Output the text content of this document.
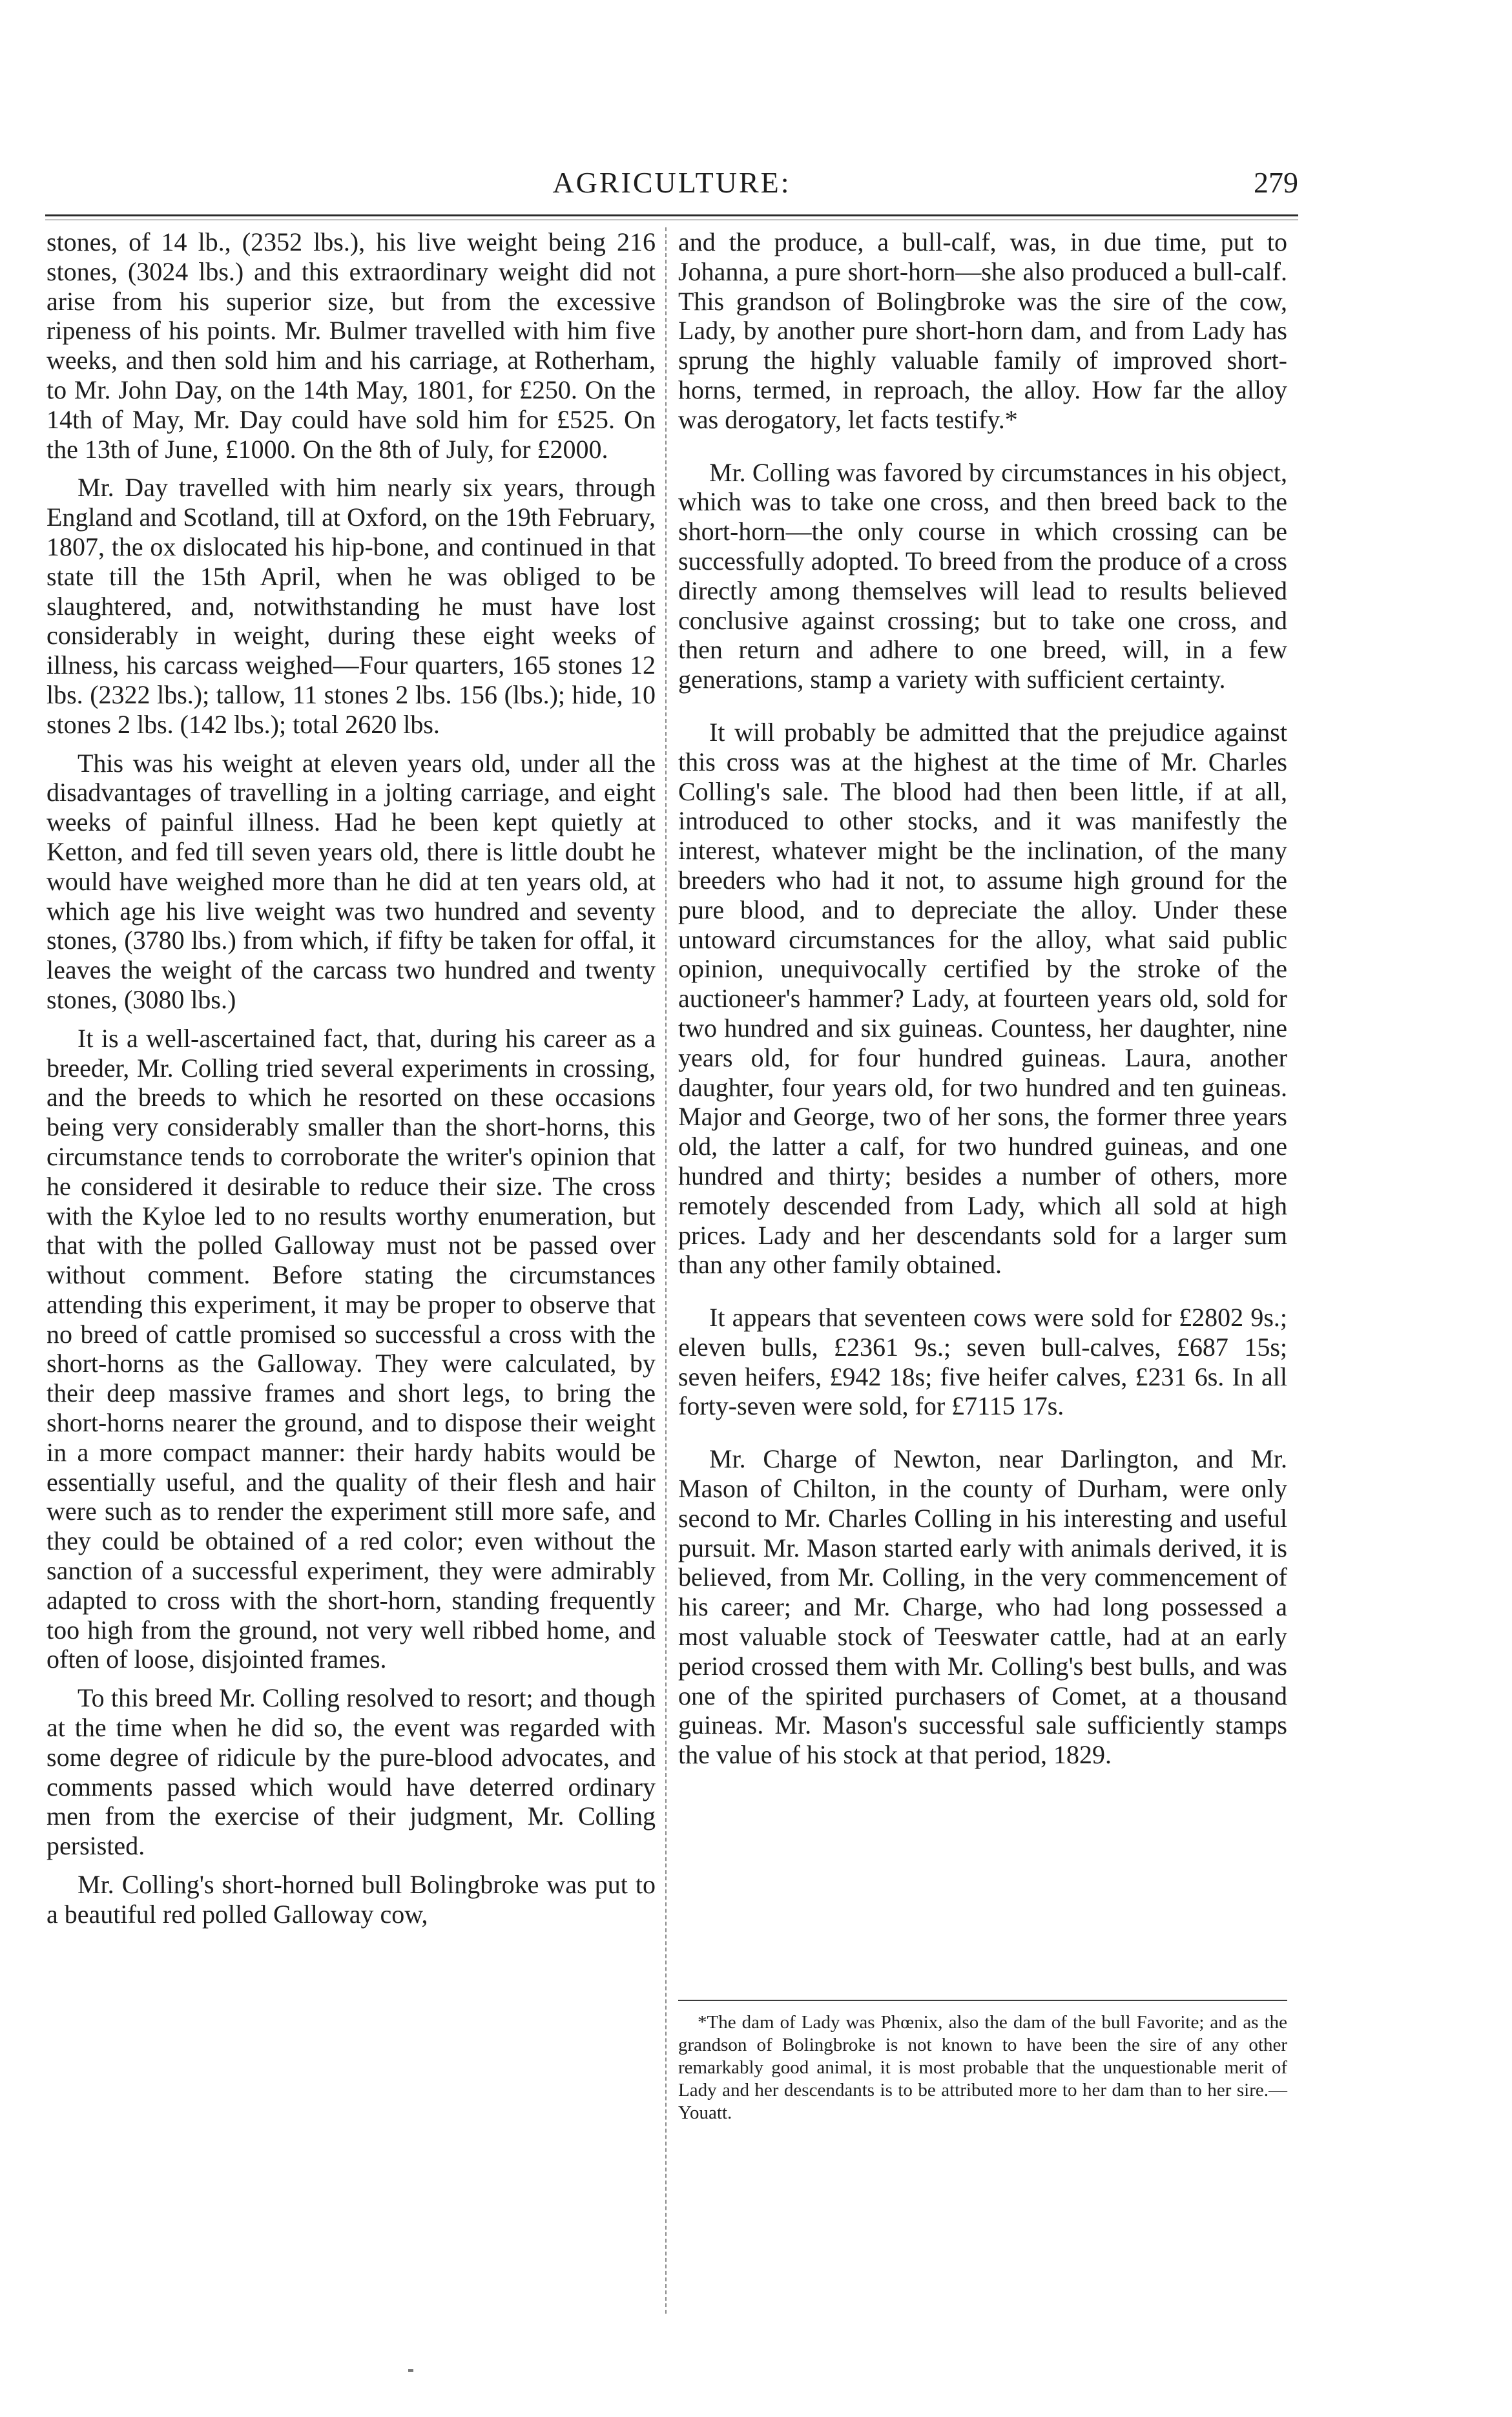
AGRICULTURE:	279

stones, of 14 lb., (2352 lbs.), his live weight being 216 stones, (3024 lbs.) and this extraordinary weight did not arise from his superior size, but from the excessive ripeness of his points. Mr. Bulmer travelled with him five weeks, and then sold him and his carriage, at Rotherham, to Mr. John Day, on the 14th May, 1801, for £250. On the 14th of May, Mr. Day could have sold him for £525. On the 13th of June, £1000. On the 8th of July, for £2000.

Mr. Day travelled with him nearly six years, through England and Scotland, till at Oxford, on the 19th February, 1807, the ox dislocated his hip-bone, and continued in that state till the 15th April, when he was obliged to be slaughtered, and, notwithstanding he must have lost considerably in weight, during these eight weeks of illness, his carcass weighed—Four quarters, 165 stones 12 lbs. (2322 lbs.); tallow, 11 stones 2 lbs. 156 (lbs.); hide, 10 stones 2 lbs. (142 lbs.); total 2620 lbs.

This was his weight at eleven years old, under all the disadvantages of travelling in a jolting carriage, and eight weeks of painful illness. Had he been kept quietly at Ketton, and fed till seven years old, there is little doubt he would have weighed more than he did at ten years old, at which age his live weight was two hundred and seventy stones, (3780 lbs.) from which, if fifty be taken for offal, it leaves the weight of the carcass two hundred and twenty stones, (3080 lbs.)

It is a well-ascertained fact, that, during his career as a breeder, Mr. Colling tried several experiments in crossing, and the breeds to which he resorted on these occasions being very considerably smaller than the short-horns, this circumstance tends to corroborate the writer's opinion that he considered it desirable to reduce their size. The cross with the Kyloe led to no results worthy enumeration, but that with the polled Galloway must not be passed over without comment. Before stating the circumstances attending this experiment, it may be proper to observe that no breed of cattle promised so successful a cross with the short-horns as the Galloway. They were calculated, by their deep massive frames and short legs, to bring the short-horns nearer the ground, and to dispose their weight in a more compact manner: their hardy habits would be essentially useful, and the quality of their flesh and hair were such as to render the experiment still more safe, and they could be obtained of a red color; even without the sanction of a successful experiment, they were admirably adapted to cross with the short-horn, standing frequently too high from the ground, not very well ribbed home, and often of loose, disjointed frames.

To this breed Mr. Colling resolved to resort; and though at the time when he did so, the event was regarded with some degree of ridicule by the pure-blood advocates, and comments passed which would have deterred ordinary men from the exercise of their judgment, Mr. Colling persisted.

Mr. Colling's short-horned bull Bolingbroke was put to a beautiful red polled Galloway cow,

and the produce, a bull-calf, was, in due time, put to Johanna, a pure short-horn—she also produced a bull-calf. This grandson of Bolingbroke was the sire of the cow, Lady, by another pure short-horn dam, and from Lady has sprung the highly valuable family of improved short-horns, termed, in reproach, the alloy. How far the alloy was derogatory, let facts testify.*

Mr. Colling was favored by circumstances in his object, which was to take one cross, and then breed back to the short-horn—the only course in which crossing can be successfully adopted. To breed from the produce of a cross directly among themselves will lead to results believed conclusive against crossing; but to take one cross, and then return and adhere to one breed, will, in a few generations, stamp a variety with sufficient certainty.

It will probably be admitted that the prejudice against this cross was at the highest at the time of Mr. Charles Colling's sale. The blood had then been little, if at all, introduced to other stocks, and it was manifestly the interest, whatever might be the inclination, of the many breeders who had it not, to assume high ground for the pure blood, and to depreciate the alloy. Under these untoward circumstances for the alloy, what said public opinion, unequivocally certified by the stroke of the auctioneer's hammer? Lady, at fourteen years old, sold for two hundred and six guineas. Countess, her daughter, nine years old, for four hundred guineas. Laura, another daughter, four years old, for two hundred and ten guineas. Major and George, two of her sons, the former three years old, the latter a calf, for two hundred guineas, and one hundred and thirty; besides a number of others, more remotely descended from Lady, which all sold at high prices. Lady and her descendants sold for a larger sum than any other family obtained.

It appears that seventeen cows were sold for £2802 9s.; eleven bulls, £2361 9s.; seven bull-calves, £687 15s; seven heifers, £942 18s; five heifer calves, £231 6s. In all forty-seven were sold, for £7115 17s.

Mr. Charge of Newton, near Darlington, and Mr. Mason of Chilton, in the county of Durham, were only second to Mr. Charles Colling in his interesting and useful pursuit. Mr. Mason started early with animals derived, it is believed, from Mr. Colling, in the very commencement of his career; and Mr. Charge, who had long possessed a most valuable stock of Teeswater cattle, had at an early period crossed them with Mr. Colling's best bulls, and was one of the spirited purchasers of Comet, at a thousand guineas. Mr. Mason's successful sale sufficiently stamps the value of his stock at that period, 1829.

*The dam of Lady was Phœnix, also the dam of the bull Favorite; and as the grandson of Bolingbroke is not known to have been the sire of any other remarkably good animal, it is most probable that the unquestionable merit of Lady and her descendants is to be attributed more to her dam than to her sire.—Youatt.
